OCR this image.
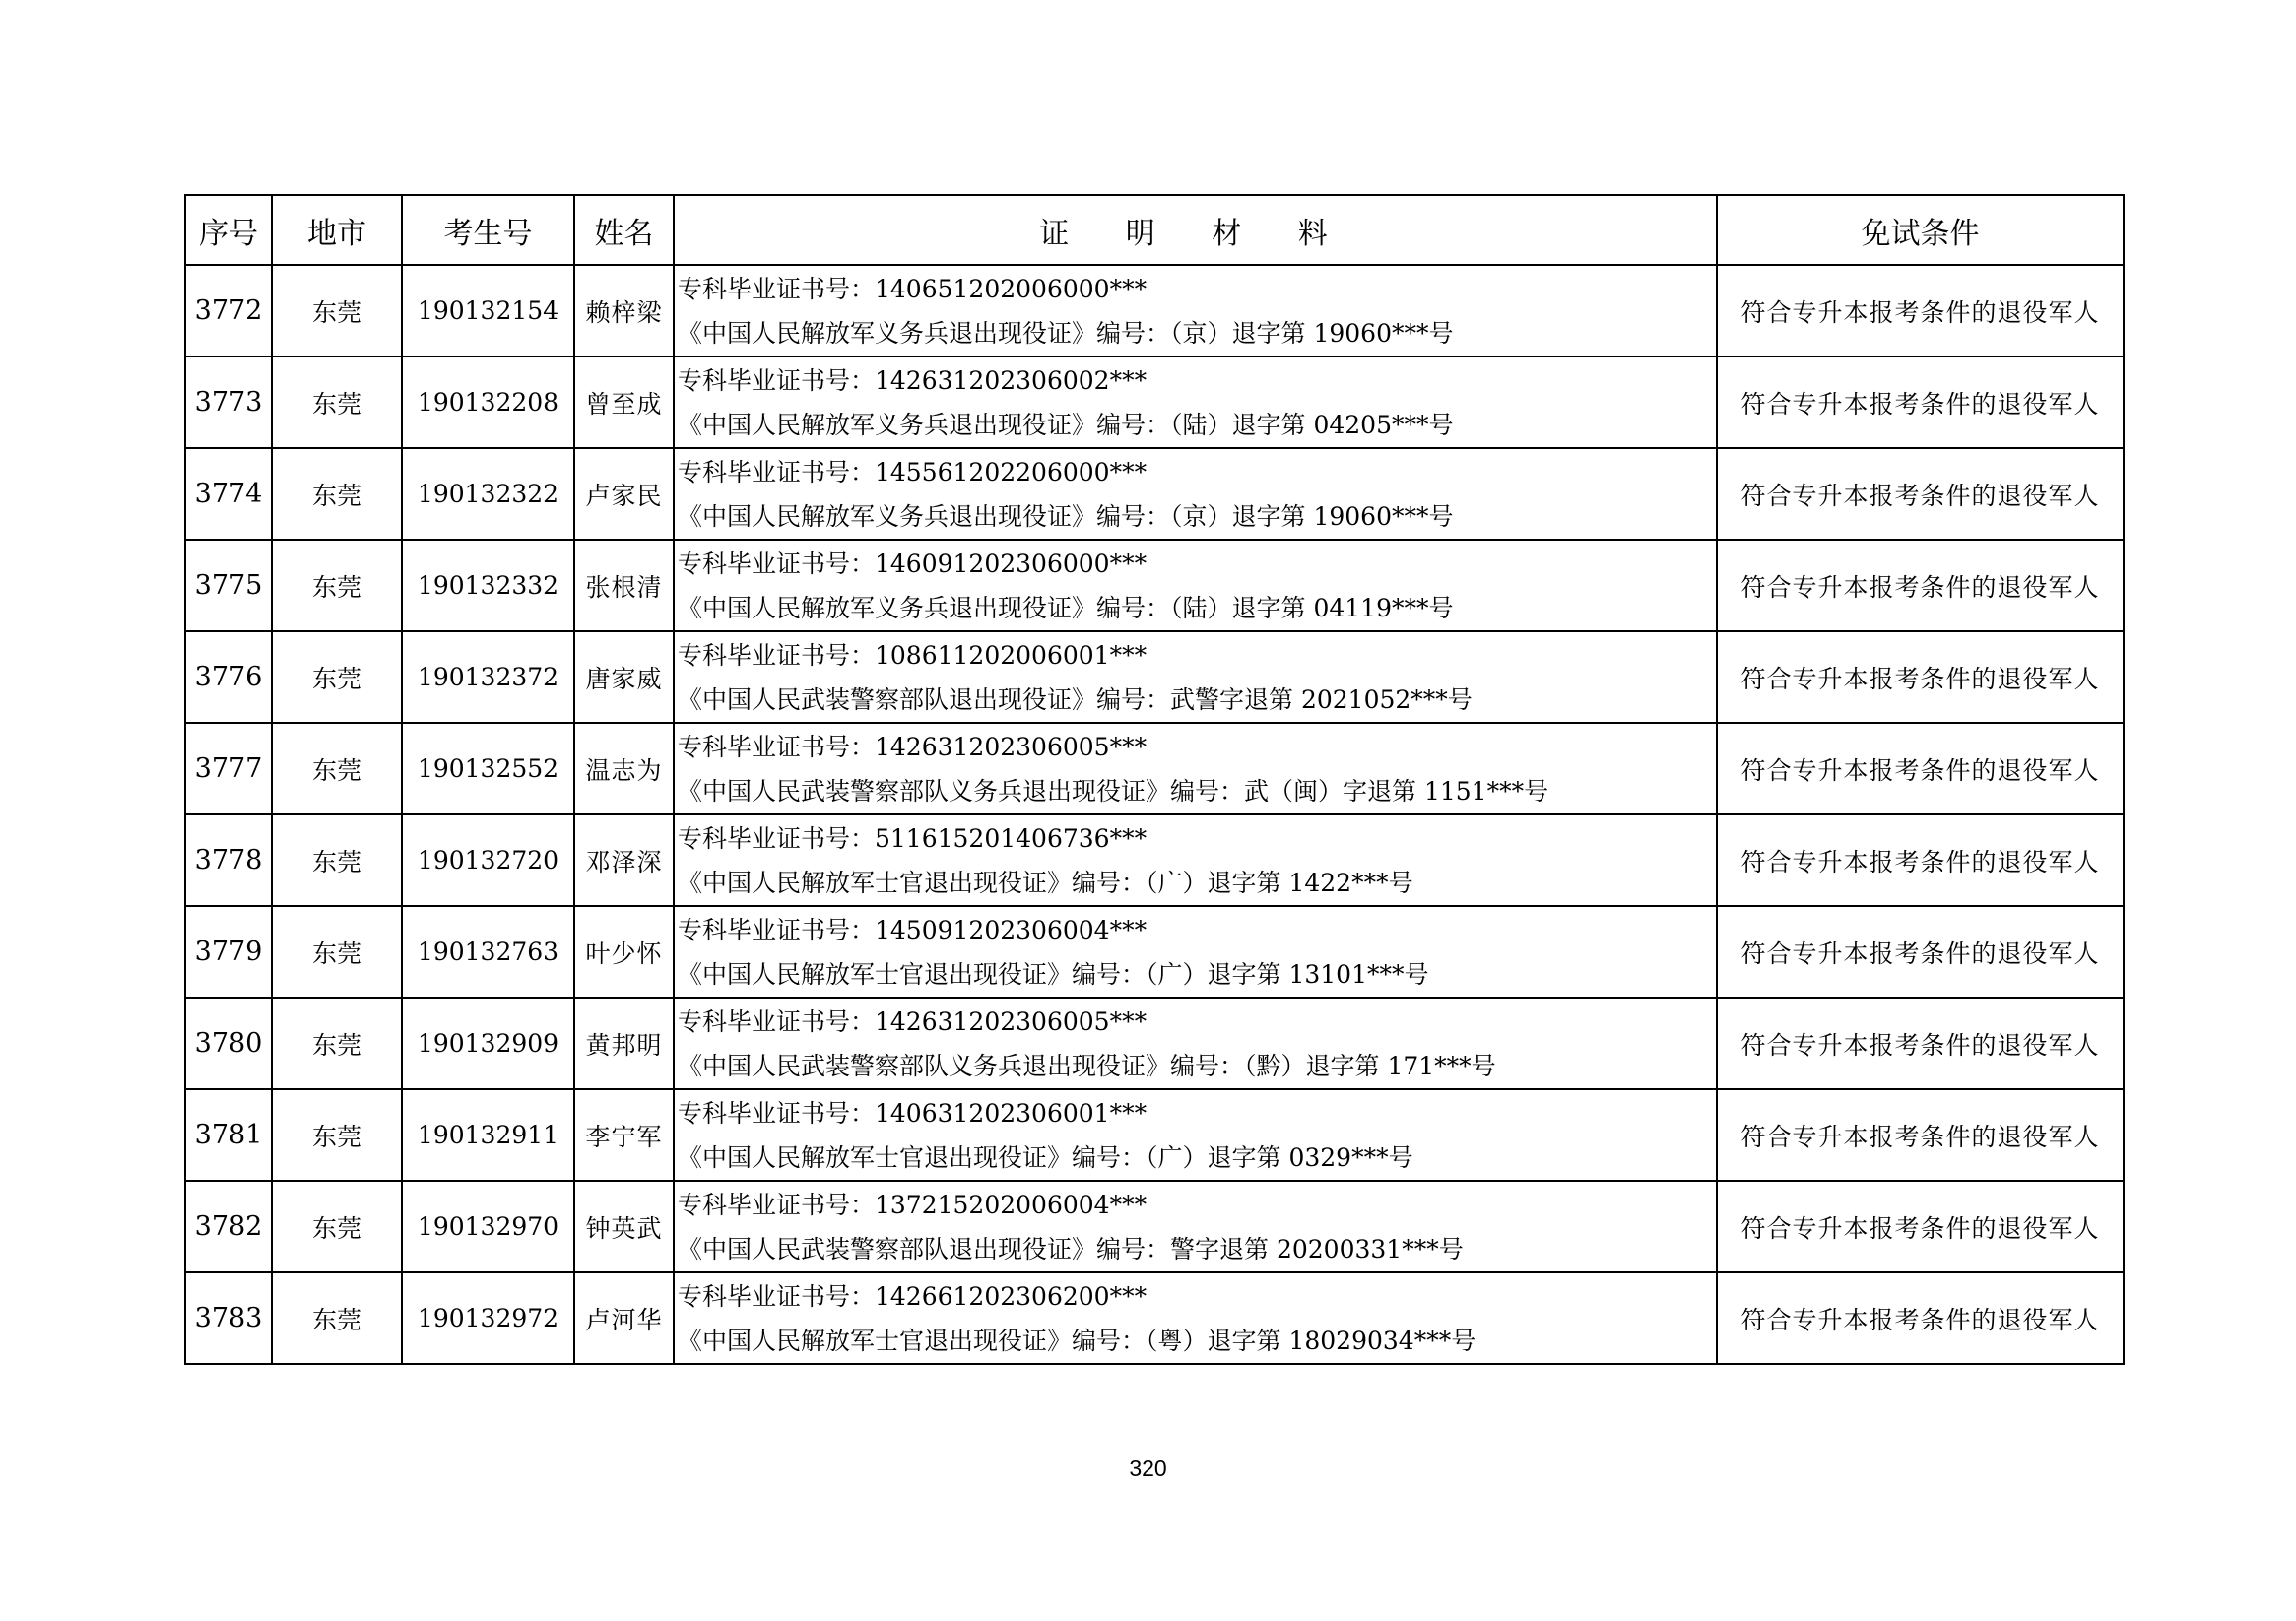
序号	地市	考生号	姓名	证 明 材 料	免试条件
3772	东莞	190132154	赖梓梁	专科毕业证书号：140651202006000***
《中国人民解放军义务兵退出现役证》编号：（京）退字第 19060***号	符合专升本报考条件的退役军人
3773	东莞	190132208	曾至成	专科毕业证书号：142631202306002***
《中国人民解放军义务兵退出现役证》编号：（陆）退字第 04205***号	符合专升本报考条件的退役军人
3774	东莞	190132322	卢家民	专科毕业证书号：145561202206000***
《中国人民解放军义务兵退出现役证》编号：（京）退字第 19060***号	符合专升本报考条件的退役军人
3775	东莞	190132332	张根清	专科毕业证书号：146091202306000***
《中国人民解放军义务兵退出现役证》编号：（陆）退字第 04119***号	符合专升本报考条件的退役军人
3776	东莞	190132372	唐家威	专科毕业证书号：108611202006001***
《中国人民武装警察部队退出现役证》编号：武警字退第 2021052***号	符合专升本报考条件的退役军人
3777	东莞	190132552	温志为	专科毕业证书号：142631202306005***
《中国人民武装警察部队义务兵退出现役证》编号：武（闽）字退第 1151***号	符合专升本报考条件的退役军人
3778	东莞	190132720	邓泽深	专科毕业证书号：511615201406736***
《中国人民解放军士官退出现役证》编号：（广）退字第 1422***号	符合专升本报考条件的退役军人
3779	东莞	190132763	叶少怀	专科毕业证书号：145091202306004***
《中国人民解放军士官退出现役证》编号：（广）退字第 13101***号	符合专升本报考条件的退役军人
3780	东莞	190132909	黄邦明	专科毕业证书号：142631202306005***
《中国人民武装警察部队义务兵退出现役证》编号：（黔）退字第 171***号	符合专升本报考条件的退役军人
3781	东莞	190132911	李宁军	专科毕业证书号：140631202306001***
《中国人民解放军士官退出现役证》编号：（广）退字第 0329***号	符合专升本报考条件的退役军人
3782	东莞	190132970	钟英武	专科毕业证书号：137215202006004***
《中国人民武装警察部队退出现役证》编号：警字退第 20200331***号	符合专升本报考条件的退役军人
3783	东莞	190132972	卢河华	专科毕业证书号：142661202306200***
《中国人民解放军士官退出现役证》编号：（粤）退字第 18029034***号	符合专升本报考条件的退役军人
320
